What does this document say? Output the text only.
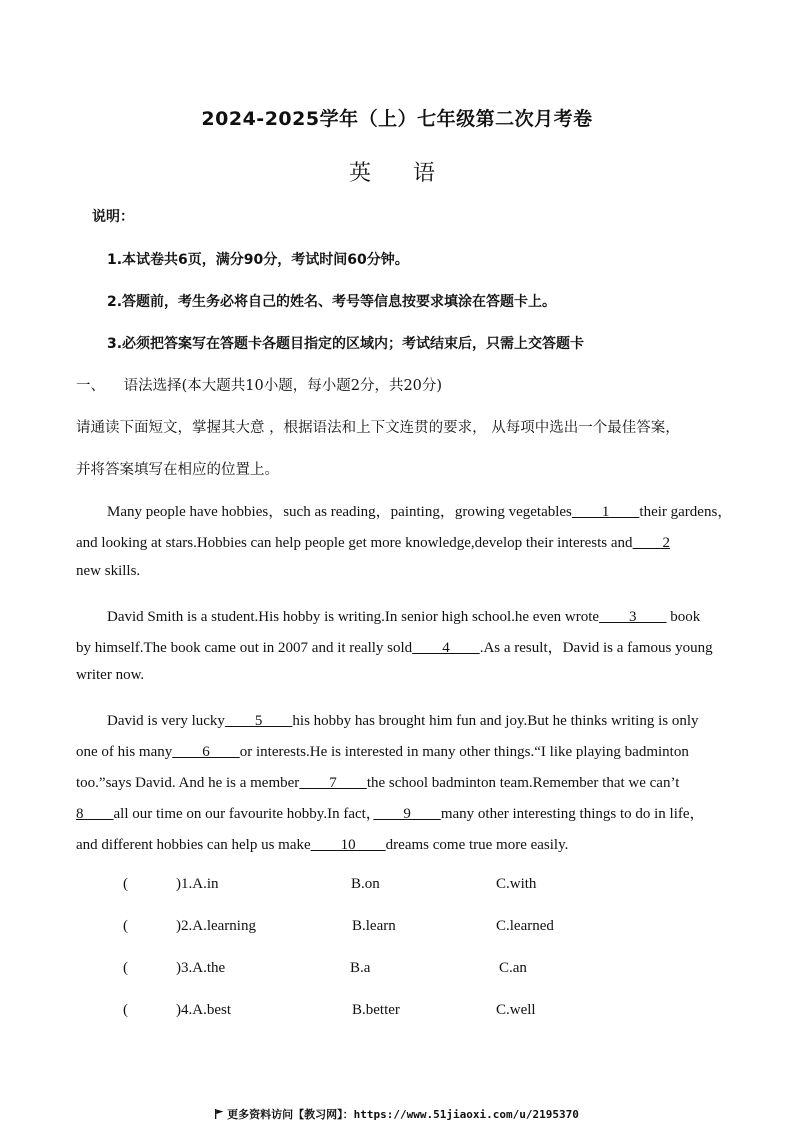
2024-2025学年（上）七年级第二次月考卷
英　语
说明：
1.本试卷共6页，满分90分，考试时间60分钟。
2.答题前，考生务必将自己的姓名、考号等信息按要求填涂在答题卡上。
3.必须把答案写在答题卡各题目指定的区域内；考试结束后，只需上交答题卡
一、 语法选择(本大题共10小题，每小题2分，共20分)
请通读下面短文，掌握其大意 ，根据语法和上下文连贯的要求， 从每项中选出一个最佳答案，
并将答案填写在相应的位置上。
Many people have hobbies，such as reading，painting，growing vegetables　　1　　their gardens，
and looking at stars.Hobbies can help people get more knowledge,develop their interests and　　2
new skills.
David Smith is a student.His hobby is writing.In senior high school.he even wrote　　3　　 book
by himself.The book came out in 2007 and it really sold　　4　　.As a result，David is a famous young
writer now.
David is very lucky　　5　　his hobby has brought him fun and joy.But he thinks writing is only
one of his many　　6　　or interests.He is interested in many other things.“I like playing badminton
too.”says David. And he is a member　　7　　the school badminton team.Remember that we can’t
8　　all our time on our favourite hobby.In fact，　　9　　many other interesting things to do in life，
and different hobbies can help us make　　10　　dreams come true more easily.
(	)1.A.in	B.on	C.with
(	)2.A.learning	B.learn	C.learned
(	)3.A.the	B.a	C.an
(	)4.A.best	B.better	C.well
更多资料访问【教习网】：https://www.51jiaoxi.com/u/2195370
